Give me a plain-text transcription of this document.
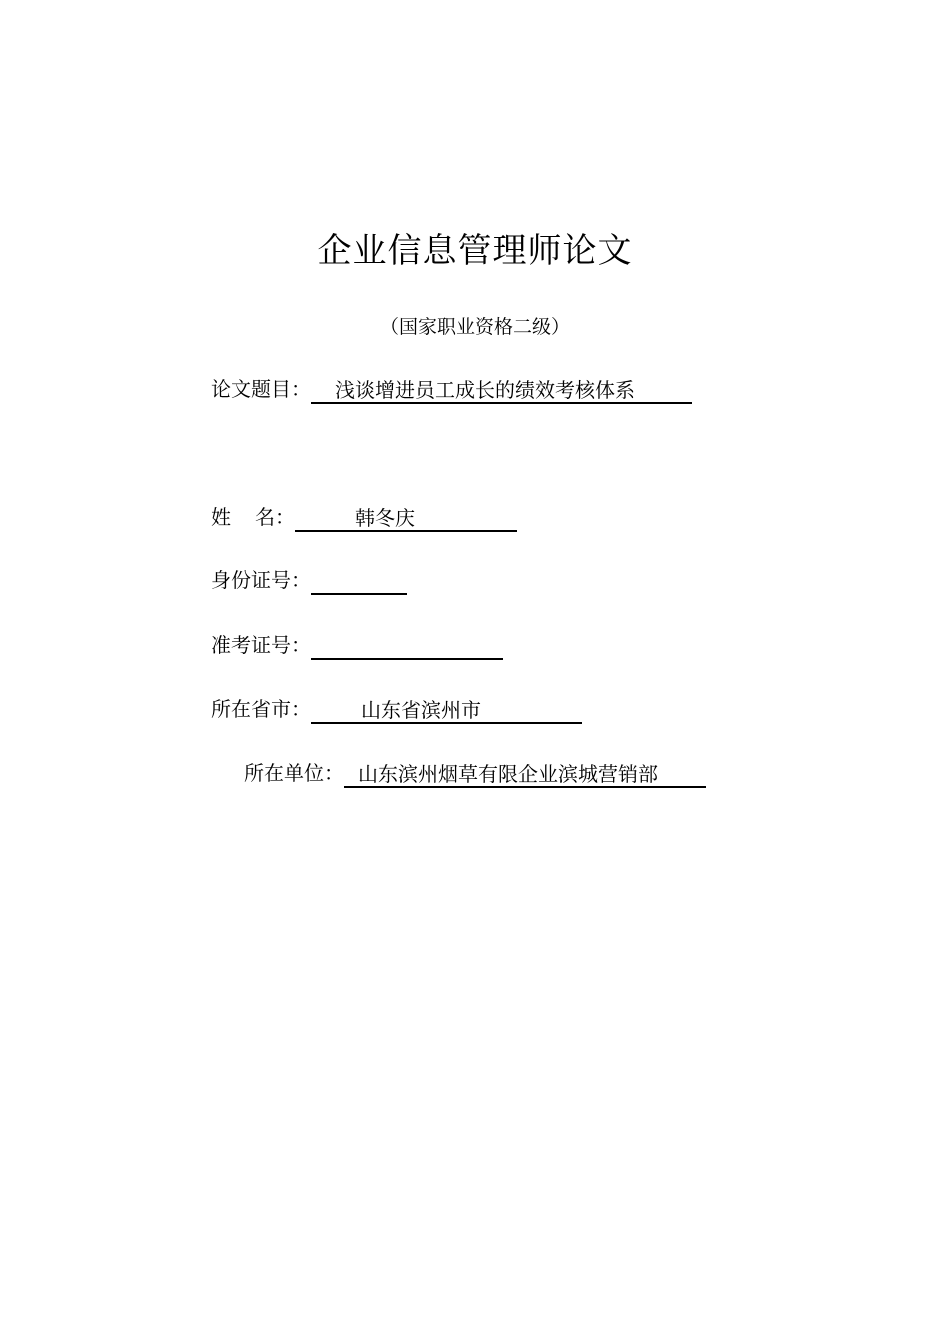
企业信息管理师论文
（国家职业资格二级）
论文题目： 浅谈增进员工成长的绩效考核体系
姓 名：	韩冬庆
身份证号：
准考证号：
所在省市：	山东省滨州市
所在单位： 山东滨州烟草有限企业滨城营销部
